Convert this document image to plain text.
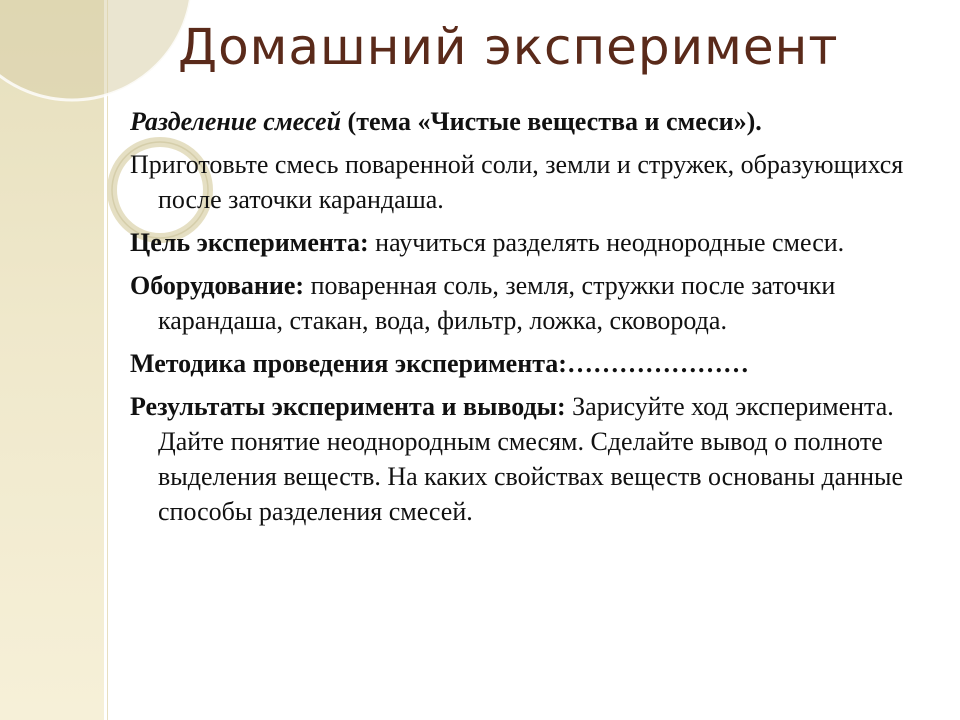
Домашний эксперимент

Разделение смесей (тема «Чистые вещества и смеси»).

Приготовьте смесь поваренной соли, земли и стружек, образующихся после заточки карандаша.

Цель эксперимента: научиться разделять неоднородные смеси.

Оборудование: поваренная соль, земля, стружки после заточки карандаша, стакан, вода, фильтр, ложка, сковорода.

Методика проведения эксперимента:…………………

Результаты эксперимента и выводы: Зарисуйте ход эксперимента. Дайте понятие неоднородным смесям. Сделайте вывод о полноте выделения веществ. На каких свойствах веществ основаны данные способы разделения смесей.
